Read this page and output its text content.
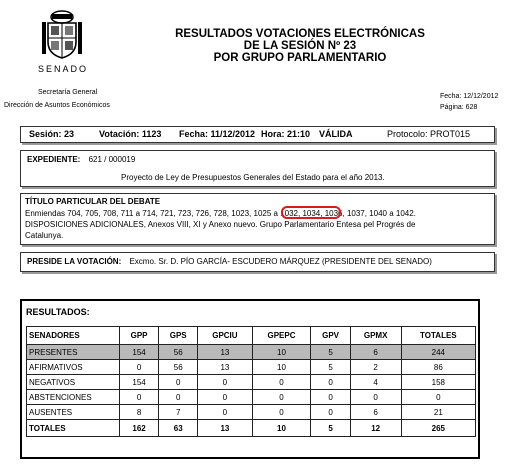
SENADO
RESULTADOS VOTACIONES ELECTRÓNICAS
DE LA SESIÓN Nº 23
POR GRUPO PARLAMENTARIO
Secretaría General
Dirección de Asuntos Económicos
Fecha: 12/12/2012
Página: 628
Sesión: 23	Votación: 1123 Fecha: 11/12/2012 Hora: 21:10 VÁLIDA	Protocolo: PROT015
EXPEDIENTE: 621 / 000019
Proyecto de Ley de Presupuestos Generales del Estado para el año 2013.
TÍTULO PARTICULAR DEL DEBATE
Enmiendas 704, 705, 708, 711 a 714, 721, 723, 726, 728, 1023, 1025 a 1032, 1034, 1036, 1037, 1040 a 1042.
DISPOSICIONES ADICIONALES, Anexos VIII, XI y Anexo nuevo. Grupo Parlamentario Entesa pel Progrés de
Catalunya.
PRESIDE LA VOTACIÓN: Excmo. Sr. D. PÍO GARCÍA- ESCUDERO MÁRQUEZ (PRESIDENTE DEL SENADO)
RESULTADOS:
SENADORES	GPP	GPS	GPCIU	GPEPC	GPV	GPMX	TOTALES
PRESENTES	154	56	13	10	5	6	244
AFIRMATIVOS	0	56	13	10	5	2	86
NEGATIVOS	154	0	0	0	0	4	158
ABSTENCIONES	0	0	0	0	0	0	0
AUSENTES	8	7	0	0	0	6	21
TOTALES	162	63	13	10	5	12	265
